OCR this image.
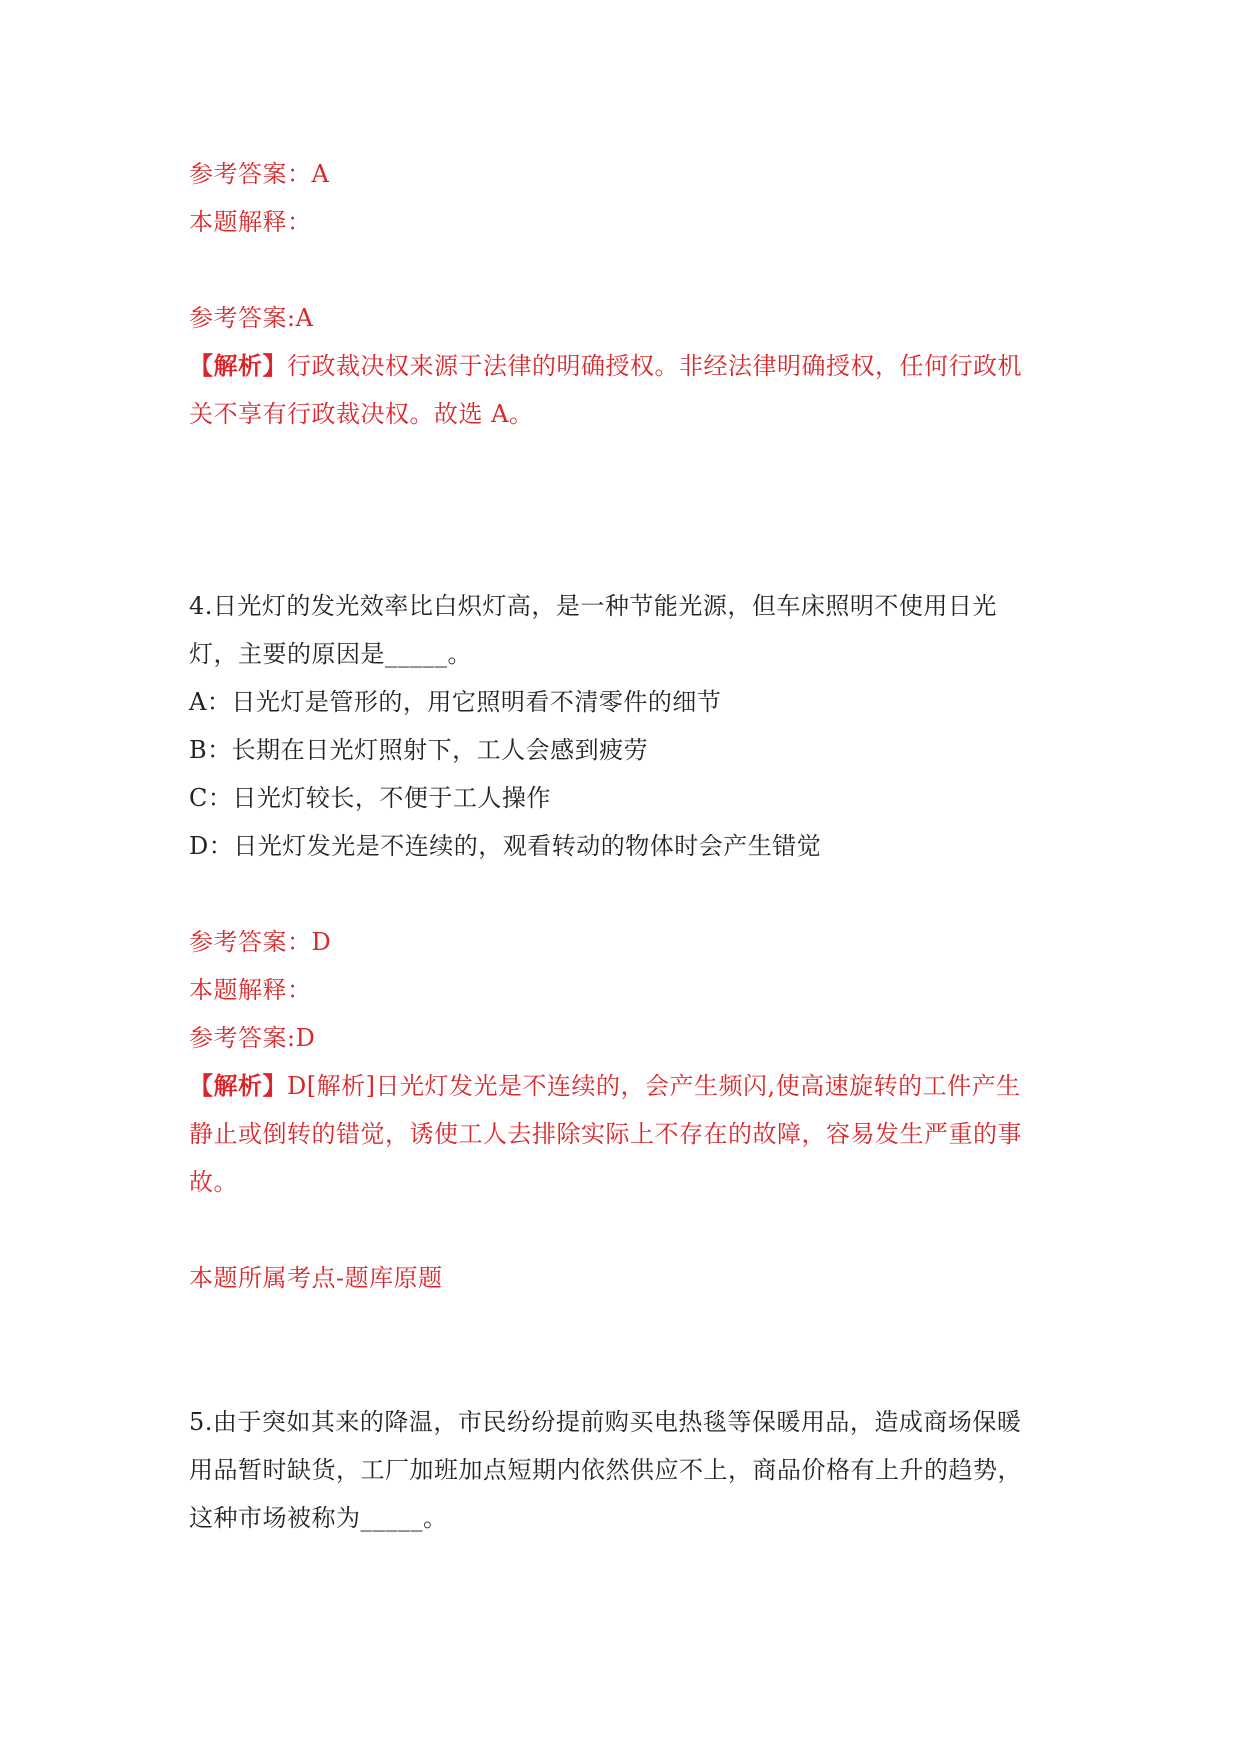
参考答案：A
本题解释：
参考答案:A
【解析】行政裁决权来源于法律的明确授权。非经法律明确授权，任何行政机
关不享有行政裁决权。故选 A。
4.日光灯的发光效率比白炽灯高，是一种节能光源，但车床照明不使用日光
灯，主要的原因是_____。
A：日光灯是管形的，用它照明看不清零件的细节
B：长期在日光灯照射下，工人会感到疲劳
C：日光灯较长，不便于工人操作
D：日光灯发光是不连续的，观看转动的物体时会产生错觉
参考答案：D
本题解释：
参考答案:D
【解析】D[解析]日光灯发光是不连续的，会产生频闪,使高速旋转的工件产生
静止或倒转的错觉，诱使工人去排除实际上不存在的故障，容易发生严重的事
故。
本题所属考点-题库原题
5.由于突如其来的降温，市民纷纷提前购买电热毯等保暖用品，造成商场保暖
用品暂时缺货，工厂加班加点短期内依然供应不上，商品价格有上升的趋势，
这种市场被称为_____。
